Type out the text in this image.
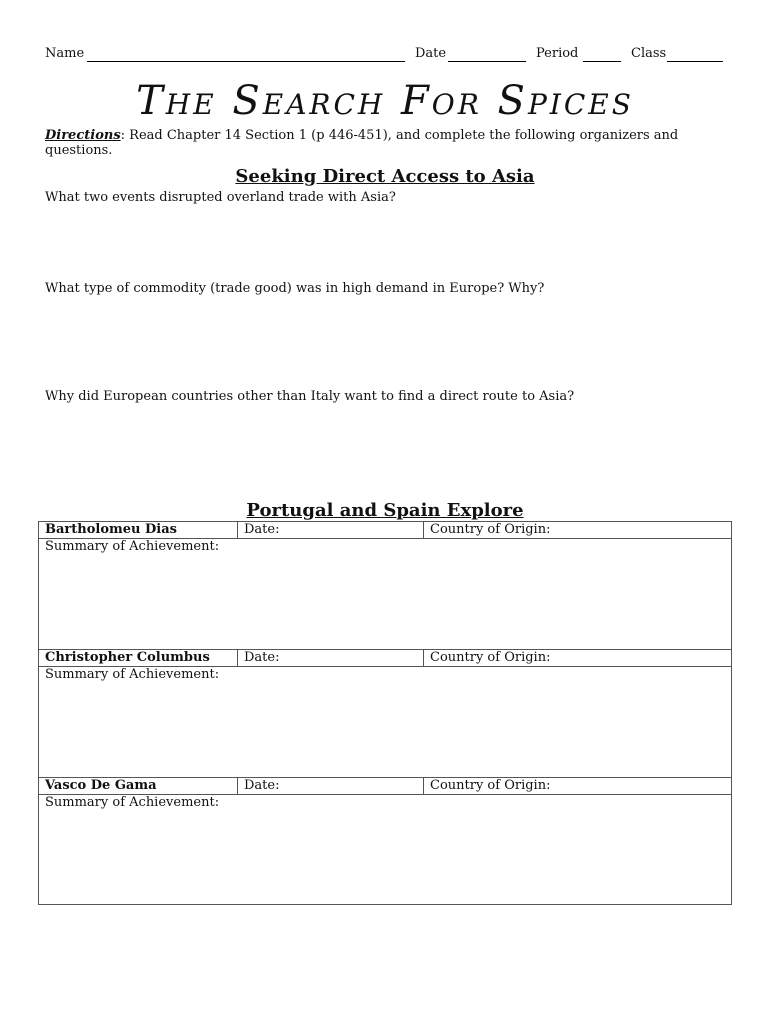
Name	Date	Period	Class
The Search For Spices
Directions: Read Chapter 14 Section 1 (p 446-451), and complete the following organizers and questions.
Seeking Direct Access to Asia
What two events disrupted overland trade with Asia?
What type of commodity (trade good) was in high demand in Europe? Why?
Why did European countries other than Italy want to find a direct route to Asia?
Portugal and Spain Explore
Bartholomeu Dias	Date:	Country of Origin:
Summary of Achievement:		
Christopher Columbus	Date:	Country of Origin:
Summary of Achievement:		
Vasco De Gama	Date:	Country of Origin:
Summary of Achievement:		
